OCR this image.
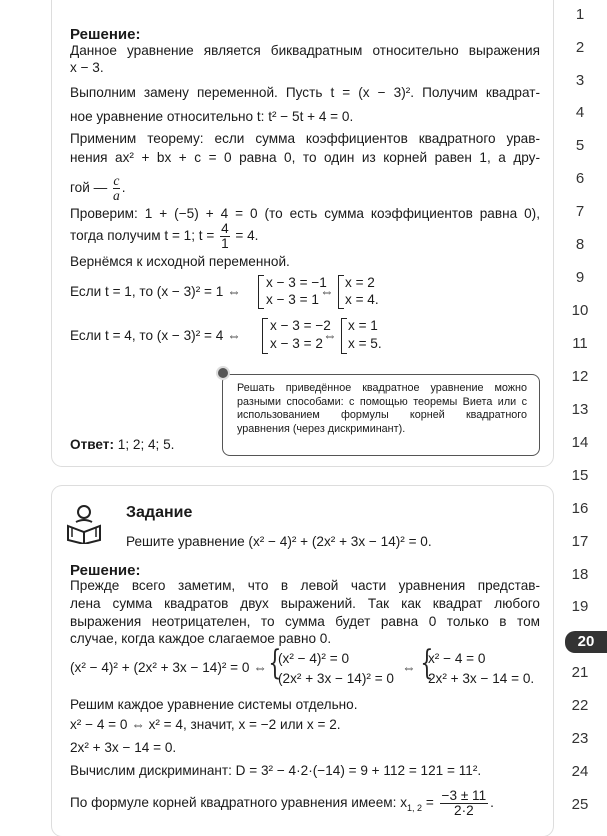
1
2
3
4
5
6
7
8
9
10
11
12
13
14
15
16
17
18
19
20
21
22
23
24
25
Решение:
Данное уравнение является биквадратным относительно выражения
x − 3.
Выполним замену переменной. Пусть t = (x − 3)². Получим квадрат-
ное уравнение относительно t: t² − 5t + 4 = 0.
Применим теорему: если сумма коэффициентов квадратного урав-
нения ax² + bx + c = 0 равна 0, то один из корней равен 1, а дру-
гой — $\frac{c}{a}$ .
Проверим: 1 + (−5) + 4 = 0 (то есть сумма коэффициентов равна 0),
тогда получим t = 1; $t = \frac{4}{1} = 4$.
Вернёмся к исходной переменной.
Если t = 1, то (x − 3)² = 1 ⇔
x − 3 = −1
x − 3 = 1
⇔
x = 2
x = 4.
Если t = 4, то (x − 3)² = 4 ⇔
x − 3 = −2
x − 3 = 2
⇔
x = 1
x = 5.
Решать приведённое квадратное уравнение можно разными способами: с помощью теоремы Виета или с использованием формулы корней квадратного уравнения (через дискриминант).
Ответ: 1; 2; 4; 5.
Задание
Решите уравнение (x² − 4)² + (2x² + 3x − 14)² = 0.
Решение:
Прежде всего заметим, что в левой части уравнения представ-
лена сумма квадратов двух выражений. Так как квадрат любого
выражения неотрицателен, то сумма будет равна 0 только в том
случае, когда каждое слагаемое равно 0.
(x² − 4)² + (2x² + 3x − 14)² = 0 ⇔ {
(x² − 4)² = 0
(2x² + 3x − 14)² = 0
⇔ {
x² − 4 = 0
2x² + 3x − 14 = 0.
Решим каждое уравнение системы отдельно.
x² − 4 = 0 ⇔ x² = 4, значит, x = −2 или x = 2.
2x² + 3x − 14 = 0.
Вычислим дискриминант: D = 3² − 4·2·(−14) = 9 + 112 = 121 = 11².
По формуле корней квадратного уравнения имеем: $x_{1, 2} = \frac{-3 \pm 11}{2\cdot 2}$ .
